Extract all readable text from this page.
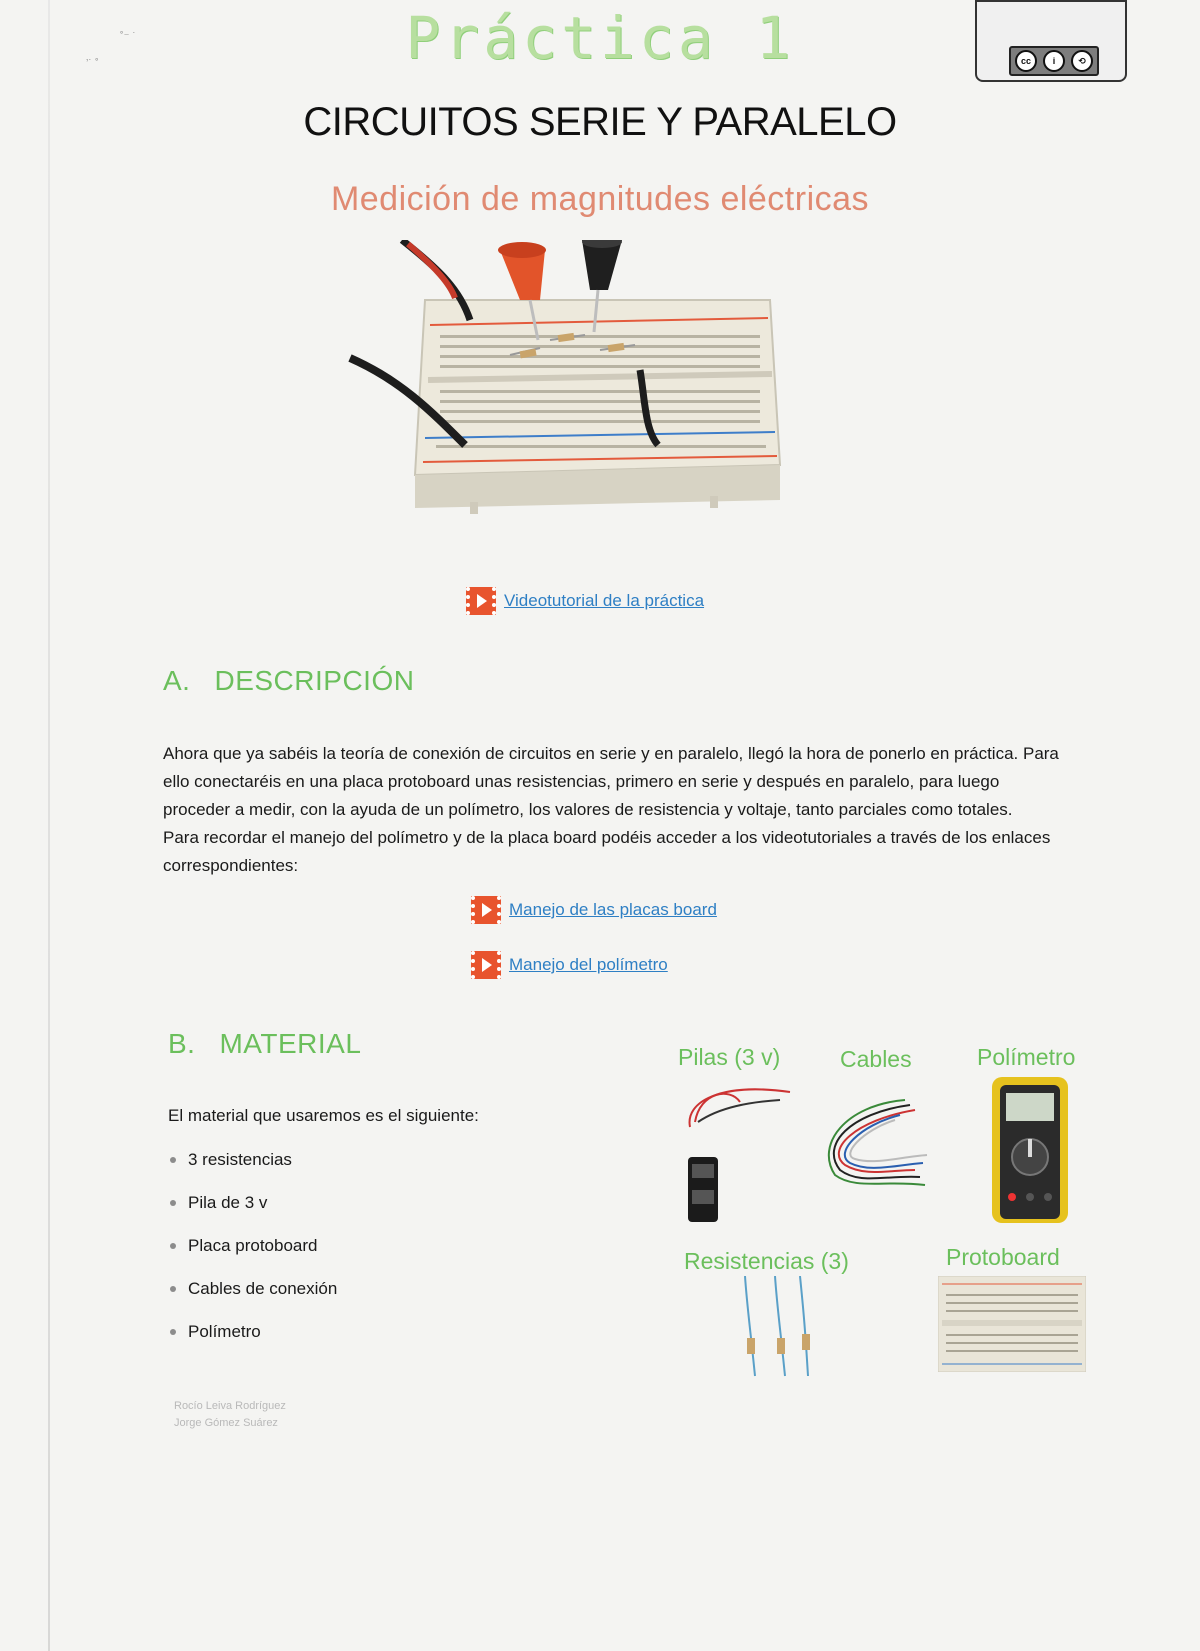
˚⁻ ˙
ʼ˙ ˚	Práctica 1	cc	i	⟲
CIRCUITOS SERIE Y PARALELO
Medición de magnitudes eléctricas
Videotutorial de la práctica
A. DESCRIPCIÓN

Ahora que ya sabéis la teoría de conexión de circuitos en serie y en paralelo, llegó la hora de ponerlo en práctica. Para ello conectaréis en una placa protoboard unas resistencias, primero en serie y después en paralelo, para luego proceder a medir, con la ayuda de un polímetro, los valores de resistencia y voltaje, tanto parciales como totales.

Para recordar el manejo del polímetro y de la placa board podéis acceder a los videotutoriales a través de los enlaces correspondientes:

Manejo de las placas board
Manejo del polímetro
B. MATERIAL
El material que usaremos es el siguiente:
3 resistencias
Pila de 3 v
Placa protoboard
Cables de conexión
Polímetro
Pilas (3 v)	Cables	Polímetro
Resistencias (3)	Protoboard
Rocío Leiva Rodríguez
Jorge Gómez Suárez
